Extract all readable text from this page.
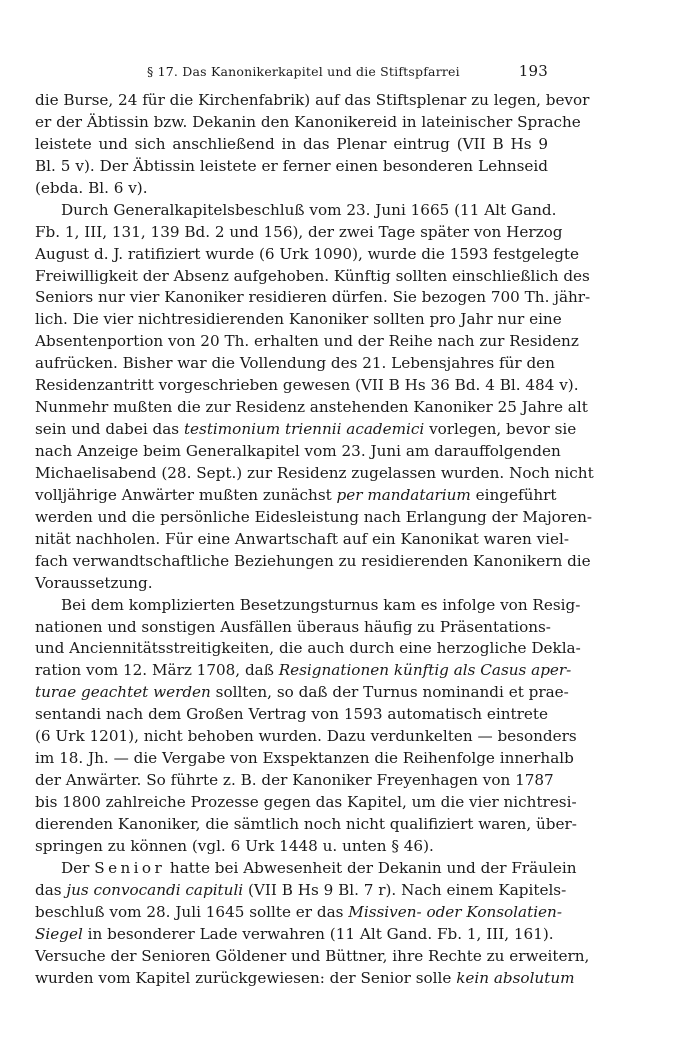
§ 17. Das Kanonikerkapitel und die Stiftspfarrei	193
die Burse, 24 für die Kirchenfabrik) auf das Stiftsplenar zu legen, bevor
er der Äbtissin bzw. Dekanin den Kanonikereid in lateinischer Sprache
leistete und sich anschließend in das Plenar eintrug (VII B Hs 9
Bl. 5 v). Der Äbtissin leistete er ferner einen besonderen Lehnseid
(ebda. Bl. 6 v).
Durch Generalkapitelsbeschluß vom 23. Juni 1665 (11 Alt Gand.
Fb. 1, III, 131, 139 Bd. 2 und 156), der zwei Tage später von Herzog
August d. J. ratifiziert wurde (6 Urk 1090), wurde die 1593 festgelegte
Freiwilligkeit der Absenz aufgehoben. Künftig sollten einschließlich des
Seniors nur vier Kanoniker residieren dürfen. Sie bezogen 700 Th. jähr-
lich. Die vier nichtresidierenden Kanoniker sollten pro Jahr nur eine
Absentenportion von 20 Th. erhalten und der Reihe nach zur Residenz
aufrücken. Bisher war die Vollendung des 21. Lebensjahres für den
Residenzantritt vorgeschrieben gewesen (VII B Hs 36 Bd. 4 Bl. 484 v).
Nunmehr mußten die zur Residenz anstehenden Kanoniker 25 Jahre alt
sein und dabei das testimonium triennii academici vorlegen, bevor sie
nach Anzeige beim Generalkapitel vom 23. Juni am darauffolgenden
Michaelisabend (28. Sept.) zur Residenz zugelassen wurden. Noch nicht
volljährige Anwärter mußten zunächst per mandatarium eingeführt
werden und die persönliche Eidesleistung nach Erlangung der Majoren-
nität nachholen. Für eine Anwartschaft auf ein Kanonikat waren viel-
fach verwandtschaftliche Beziehungen zu residierenden Kanonikern die
Voraussetzung.
Bei dem komplizierten Besetzungsturnus kam es infolge von Resig-
nationen und sonstigen Ausfällen überaus häufig zu Präsentations-
und Anciennitätsstreitigkeiten, die auch durch eine herzogliche Dekla-
ration vom 12. März 1708, daß Resignationen künftig als Casus aper-
turae geachtet werden sollten, so daß der Turnus nominandi et prae-
sentandi nach dem Großen Vertrag von 1593 automatisch eintrete
(6 Urk 1201), nicht behoben wurden. Dazu verdunkelten — besonders
im 18. Jh. — die Vergabe von Exspektanzen die Reihenfolge innerhalb
der Anwärter. So führte z. B. der Kanoniker Freyenhagen von 1787
bis 1800 zahlreiche Prozesse gegen das Kapitel, um die vier nichtresi-
dierenden Kanoniker, die sämtlich noch nicht qualifiziert waren, über-
springen zu können (vgl. 6 Urk 1448 u. unten § 46).
Der Senior hatte bei Abwesenheit der Dekanin und der Fräulein
das jus convocandi capituli (VII B Hs 9 Bl. 7 r). Nach einem Kapitels-
beschluß vom 28. Juli 1645 sollte er das Missiven- oder Konsolatien-
Siegel in besonderer Lade verwahren (11 Alt Gand. Fb. 1, III, 161).
Versuche der Senioren Göldener und Büttner, ihre Rechte zu erweitern,
wurden vom Kapitel zurückgewiesen: der Senior solle kein absolutum
